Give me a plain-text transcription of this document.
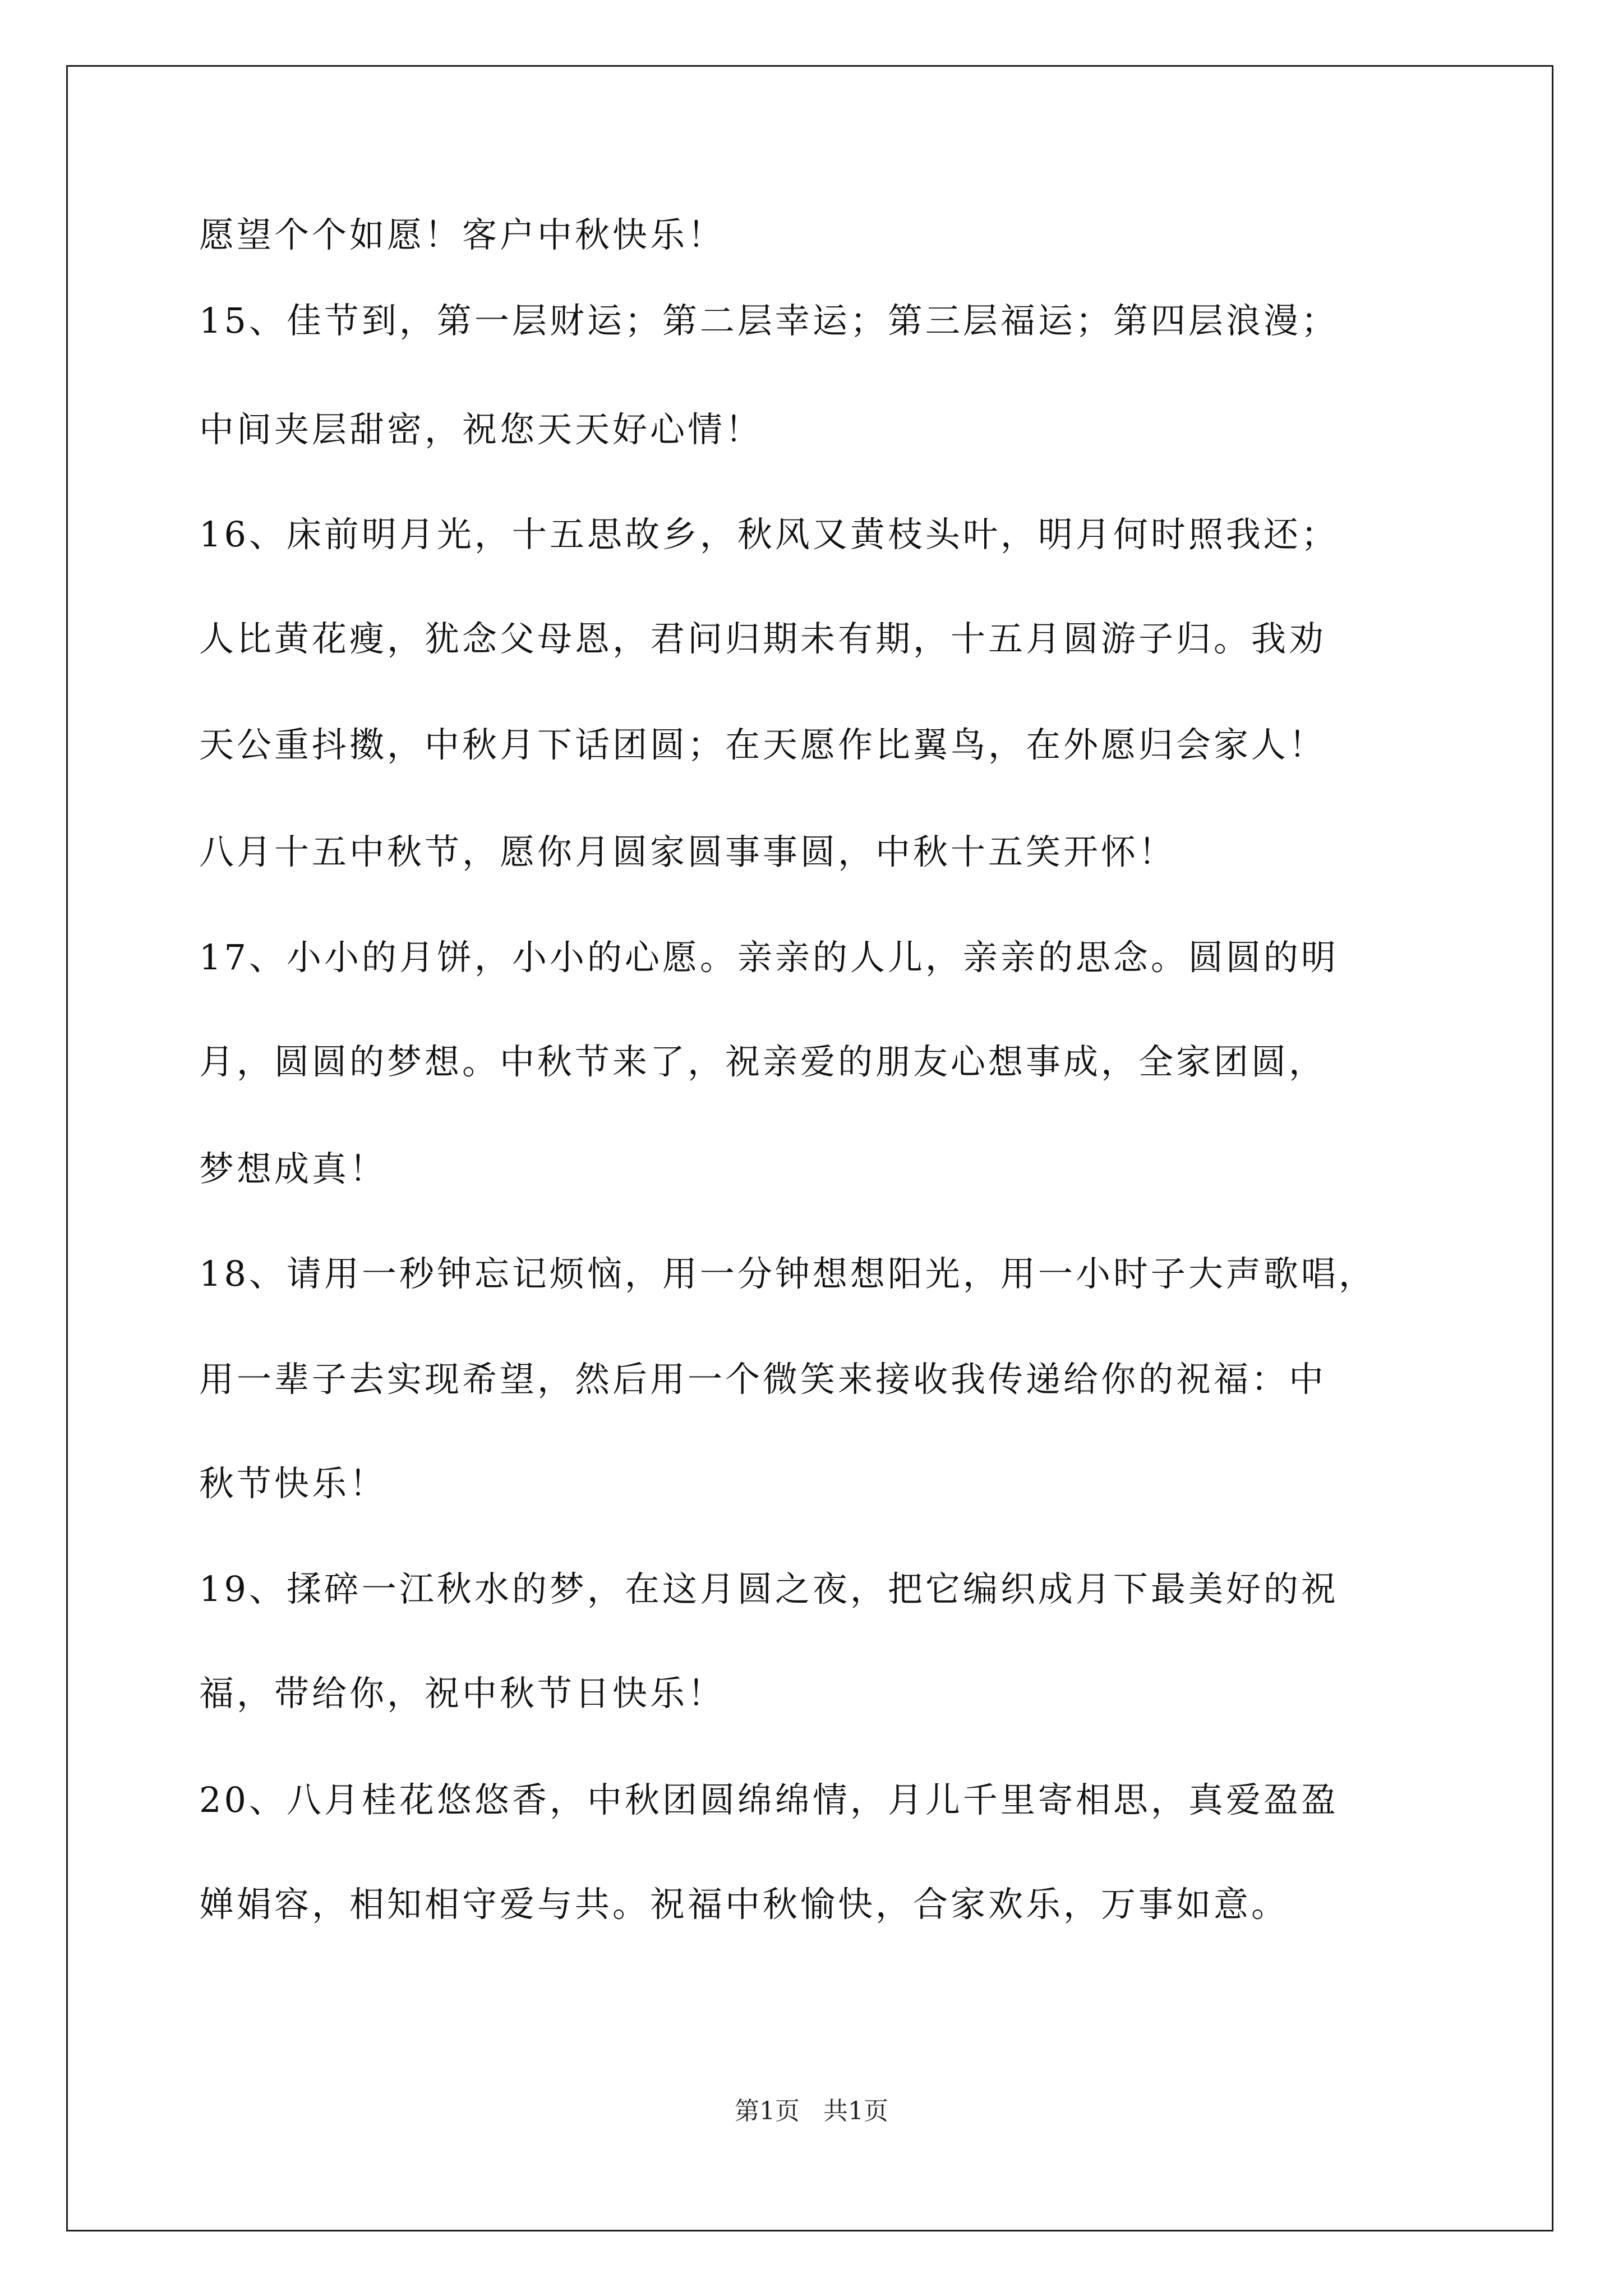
愿望个个如愿！客户中秋快乐！
15、佳节到，第一层财运；第二层幸运；第三层福运；第四层浪漫；
中间夹层甜密，祝您天天好心情！
16、床前明月光，十五思故乡，秋风又黄枝头叶，明月何时照我还；
人比黄花瘦，犹念父母恩，君问归期未有期，十五月圆游子归。我劝
天公重抖擞，中秋月下话团圆；在天愿作比翼鸟，在外愿归会家人！
八月十五中秋节，愿你月圆家圆事事圆，中秋十五笑开怀！
17、小小的月饼，小小的心愿。亲亲的人儿，亲亲的思念。圆圆的明
月，圆圆的梦想。中秋节来了，祝亲爱的朋友心想事成，全家团圆，
梦想成真！
18、请用一秒钟忘记烦恼，用一分钟想想阳光，用一小时子大声歌唱，
用一辈子去实现希望，然后用一个微笑来接收我传递给你的祝福：中
秋节快乐！
19、揉碎一江秋水的梦，在这月圆之夜，把它编织成月下最美好的祝
福，带给你，祝中秋节日快乐！
20、八月桂花悠悠香，中秋团圆绵绵情，月儿千里寄相思，真爱盈盈
婵娟容，相知相守爱与共。祝福中秋愉快，合家欢乐，万事如意。
第1页   共1页
